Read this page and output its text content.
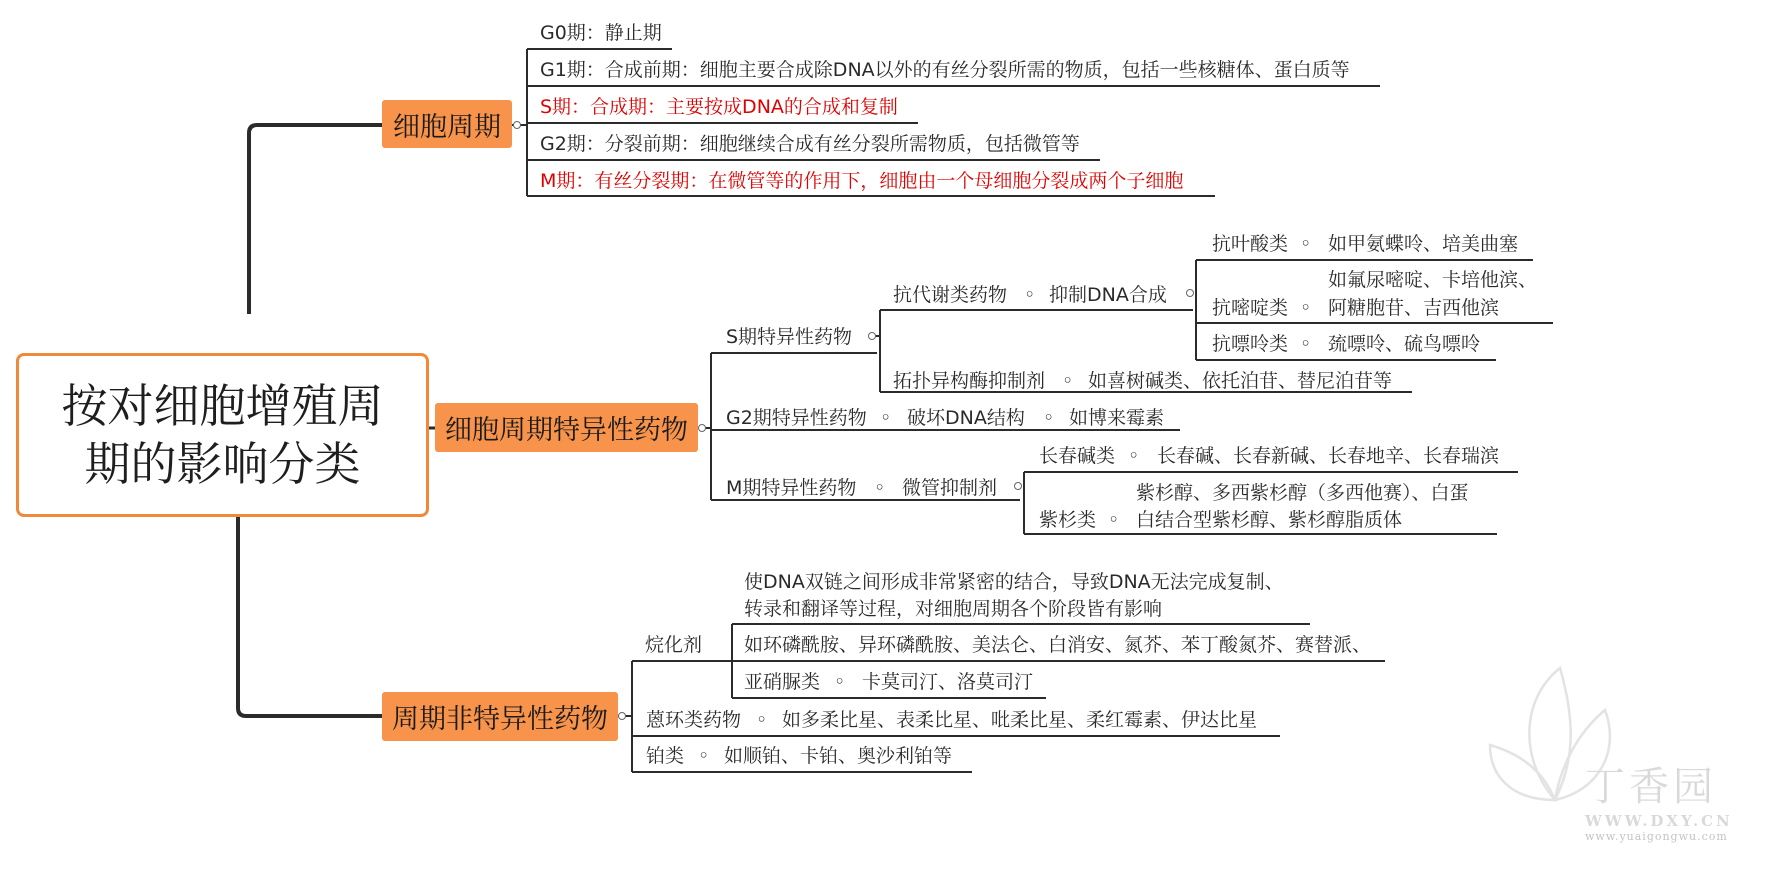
按对细胞增殖周
期的影响分类
细胞周期
细胞周期特异性药物
周期非特异性药物
G0期：静止期
G1期：合成前期：细胞主要合成除DNA以外的有丝分裂所需的物质，包括一些核糖体、蛋白质等
S期：合成期：主要按成DNA的合成和复制
G2期：分裂前期：细胞继续合成有丝分裂所需物质，包括微管等
M期：有丝分裂期：在微管等的作用下，细胞由一个母细胞分裂成两个子细胞
S期特异性药物
抗代谢类药物 ◦ 抑制DNA合成
抗叶酸类 ◦ 如甲氨蝶呤、培美曲塞
抗嘧啶类 ◦
如氟尿嘧啶、卡培他滨、
阿糖胞苷、吉西他滨
抗嘌呤类 ◦ 巯嘌呤、硫鸟嘌呤
拓扑异构酶抑制剂 ◦ 如喜树碱类、依托泊苷、替尼泊苷等
G2期特异性药物 ◦ 破坏DNA结构 ◦ 如博来霉素
M期特异性药物 ◦ 微管抑制剂
长春碱类 ◦ 长春碱、长春新碱、长春地辛、长春瑞滨
紫杉类 ◦
紫杉醇、多西紫杉醇（多西他赛）、白蛋
白结合型紫杉醇、紫杉醇脂质体
烷化剂
使DNA双链之间形成非常紧密的结合，导致DNA无法完成复制、
转录和翻译等过程，对细胞周期各个阶段皆有影响
如环磷酰胺、异环磷酰胺、美法仑、白消安、氮芥、苯丁酸氮芥、赛替派、
亚硝脲类 ◦ 卡莫司汀、洛莫司汀
蒽环类药物 ◦ 如多柔比星、表柔比星、吡柔比星、柔红霉素、伊达比星
铂类 ◦ 如顺铂、卡铂、奥沙利铂等
丁香园
WWW.DXY.CN
www.yuaigongwu.com
